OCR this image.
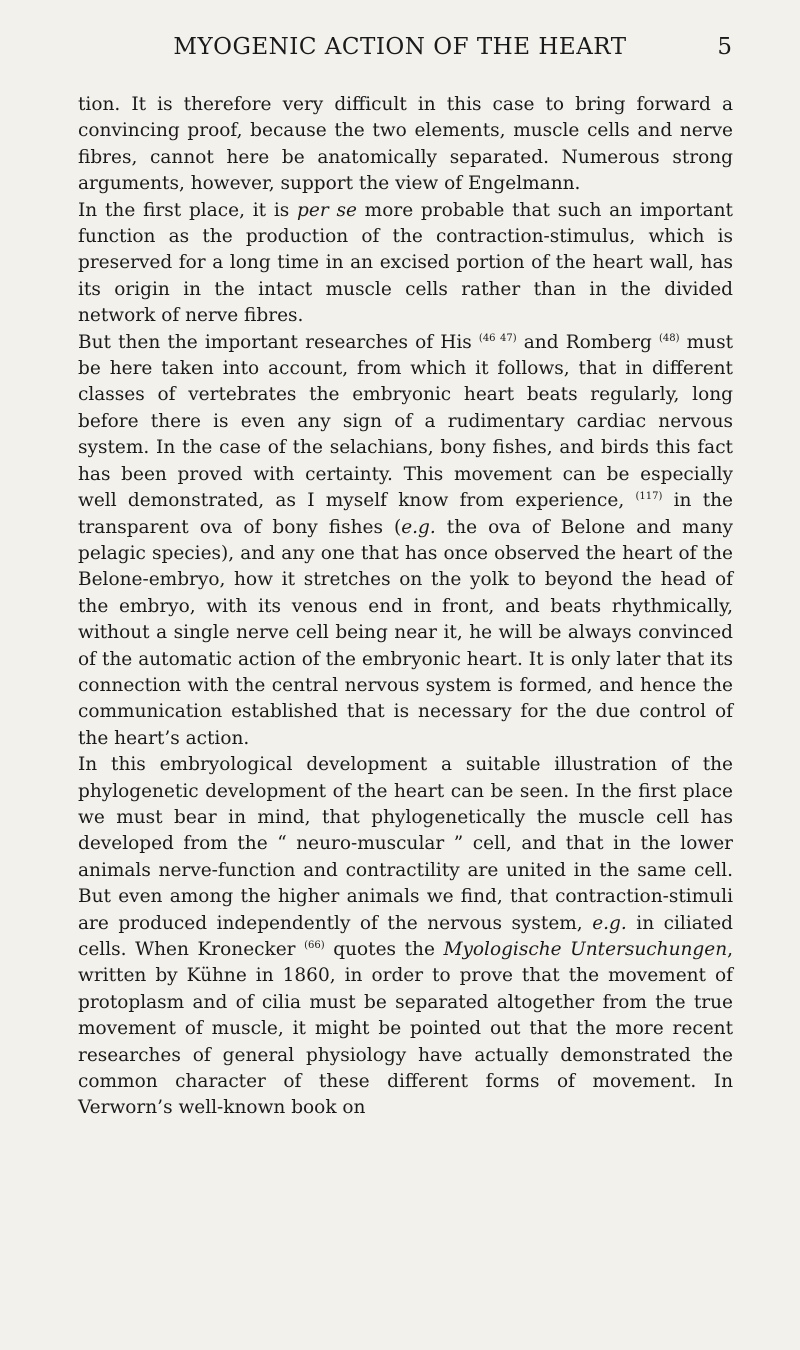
MYOGENIC ACTION OF THE HEART	5

tion. It is therefore very difficult in this case to bring forward a convincing proof, because the two elements, muscle cells and nerve fibres, cannot here be anatomically separated. Numerous strong arguments, however, support the view of Engelmann.

In the first place, it is per se more probable that such an important function as the production of the contraction-stimulus, which is preserved for a long time in an excised portion of the heart wall, has its origin in the intact muscle cells rather than in the divided network of nerve fibres.

But then the important researches of His $^{(46 47)}$ and Romberg $^{(48)}$ must be here taken into account, from which it follows, that in different classes of vertebrates the embryonic heart beats regularly, long before there is even any sign of a rudimentary cardiac nervous system. In the case of the selachians, bony fishes, and birds this fact has been proved with certainty. This movement can be especially well demonstrated, as I myself know from experience, $^{(117)}$ in the transparent ova of bony fishes (e.g. the ova of Belone and many pelagic species), and any one that has once observed the heart of the Belone-embryo, how it stretches on the yolk to beyond the head of the embryo, with its venous end in front, and beats rhythmically, without a single nerve cell being near it, he will be always convinced of the automatic action of the embryonic heart. It is only later that its connection with the central nervous system is formed, and hence the communication established that is necessary for the due control of the heart’s action.

In this embryological development a suitable illustration of the phylogenetic development of the heart can be seen. In the first place we must bear in mind, that phylogenetically the muscle cell has developed from the “ neuro-muscular ” cell, and that in the lower animals nerve-function and contractility are united in the same cell. But even among the higher animals we find, that contraction-stimuli are produced independently of the nervous system, e.g. in ciliated cells. When Kronecker $^{(66)}$ quotes the Myologische Untersuchungen, written by Kühne in 1860, in order to prove that the movement of protoplasm and of cilia must be separated altogether from the true movement of muscle, it might be pointed out that the more recent researches of general physiology have actually demonstrated the common character of these different forms of movement. In Verworn’s well-known book on
